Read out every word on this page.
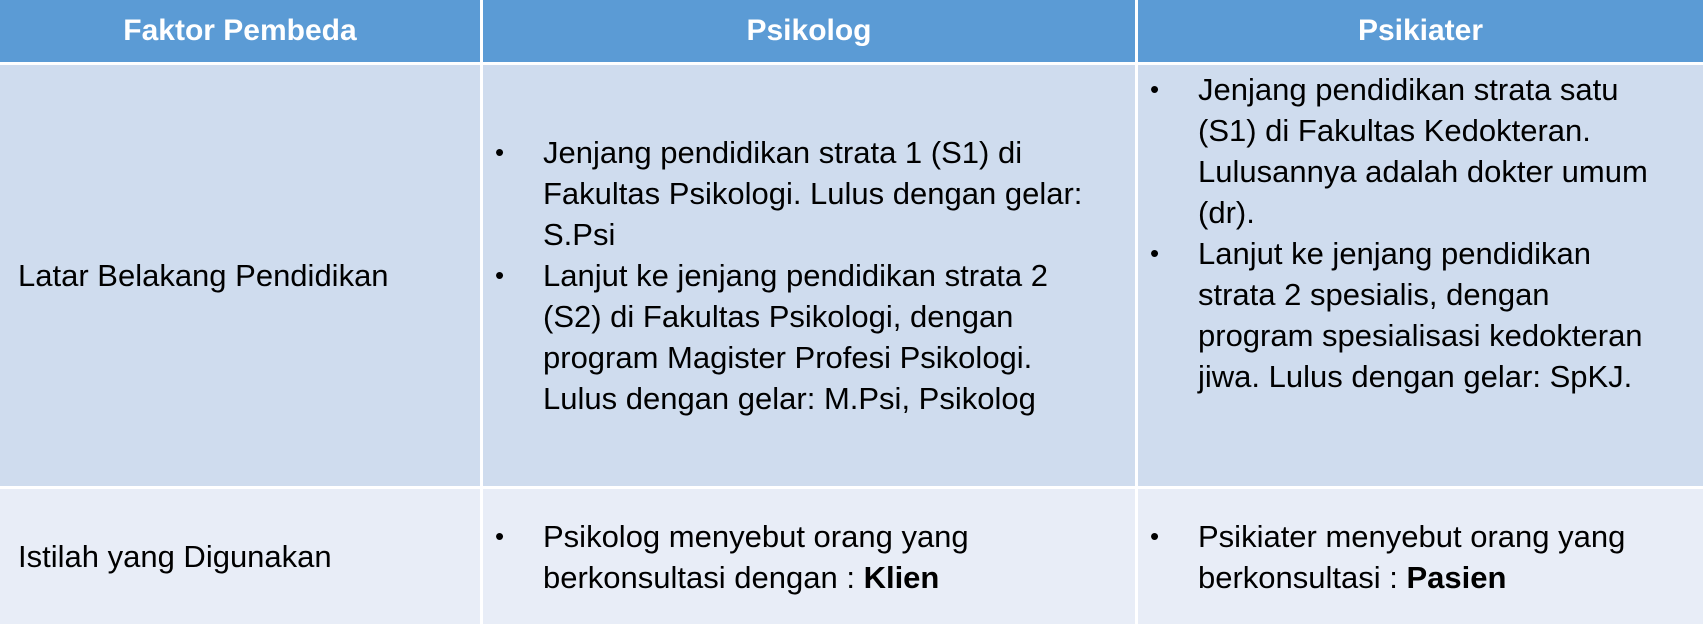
Faktor Pembeda	Psikolog	Psikiater
Latar Belakang Pendidikan
• Jenjang pendidikan strata 1 (S1) di Fakultas Psikologi. Lulus dengan gelar: S.Psi
• Lanjut ke jenjang pendidikan strata 2 (S2) di Fakultas Psikologi, dengan program Magister Profesi Psikologi. Lulus dengan gelar: M.Psi, Psikolog
• Jenjang pendidikan strata satu (S1) di Fakultas Kedokteran. Lulusannya adalah dokter umum (dr).
• Lanjut ke jenjang pendidikan strata 2 spesialis, dengan program spesialisasi kedokteran jiwa. Lulus dengan gelar: SpKJ.
Istilah yang Digunakan
• Psikolog menyebut orang yang berkonsultasi dengan : Klien
• Psikiater menyebut orang yang berkonsultasi : Pasien
